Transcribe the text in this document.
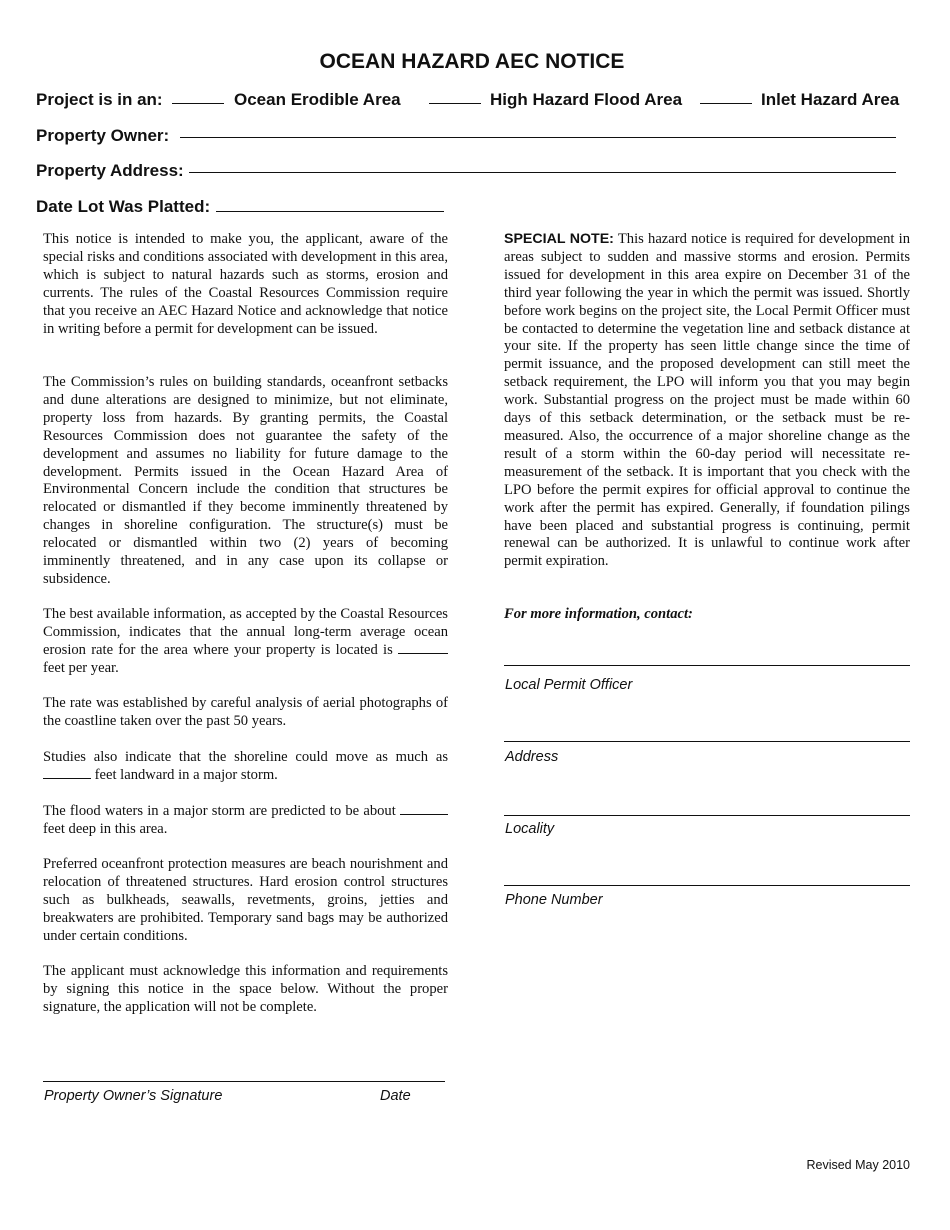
OCEAN HAZARD AEC NOTICE
Project is in an:	Ocean Erodible Area	High Hazard Flood Area	Inlet Hazard Area
Property Owner:
Property Address:
Date Lot Was Platted:

This notice is intended to make you, the applicant, aware of the special risks and conditions associated with development in this area, which is subject to natural hazards such as storms, erosion and currents. The rules of the Coastal Resources Commission require that you receive an AEC Hazard Notice and acknowledge that notice in writing before a permit for development can be issued.

The Commission’s rules on building standards, oceanfront setbacks and dune alterations are designed to minimize, but not eliminate, property loss from hazards. By granting permits, the Coastal Resources Commission does not guarantee the safety of the development and assumes no liability for future damage to the development. Permits issued in the Ocean Hazard Area of Environmental Concern include the condition that structures be relocated or dismantled if they become imminently threatened by changes in shoreline configuration. The structure(s) must be relocated or dismantled within two (2) years of becoming imminently threatened, and in any case upon its collapse or subsidence.

The best available information, as accepted by the Coastal Resources Commission, indicates that the annual long-term average ocean erosion rate for the area where your property is located is  feet per year.

The rate was established by careful analysis of aerial photographs of the coastline taken over the past 50 years.

Studies also indicate that the shoreline could move as much as  feet landward in a major storm.

The flood waters in a major storm are predicted to be about  feet deep in this area.

Preferred oceanfront protection measures are beach nourishment and relocation of threatened structures. Hard erosion control structures such as bulkheads, seawalls, revetments, groins, jetties and breakwaters are prohibited. Temporary sand bags may be authorized under certain conditions.

The applicant must acknowledge this information and requirements by signing this notice in the space below. Without the proper signature, the application will not be complete.

Property Owner’s Signature	Date

SPECIAL NOTE: This hazard notice is required for development in areas subject to sudden and massive storms and erosion. Permits issued for development in this area expire on December 31 of the third year following the year in which the permit was issued. Shortly before work begins on the project site, the Local Permit Officer must be contacted to determine the vegetation line and setback distance at your site. If the property has seen little change since the time of permit issuance, and the proposed development can still meet the setback requirement, the LPO will inform you that you may begin work. Substantial progress on the project must be made within 60 days of this setback determination, or the setback must be re-measured. Also, the occurrence of a major shoreline change as the result of a storm within the 60-day period will necessitate re-measurement of the setback. It is important that you check with the LPO before the permit expires for official approval to continue the work after the permit has expired. Generally, if foundation pilings have been placed and substantial progress is continuing, permit renewal can be authorized. It is unlawful to continue work after permit expiration.

For more information, contact:
Local Permit Officer
Address
Locality
Phone Number
Revised May 2010
